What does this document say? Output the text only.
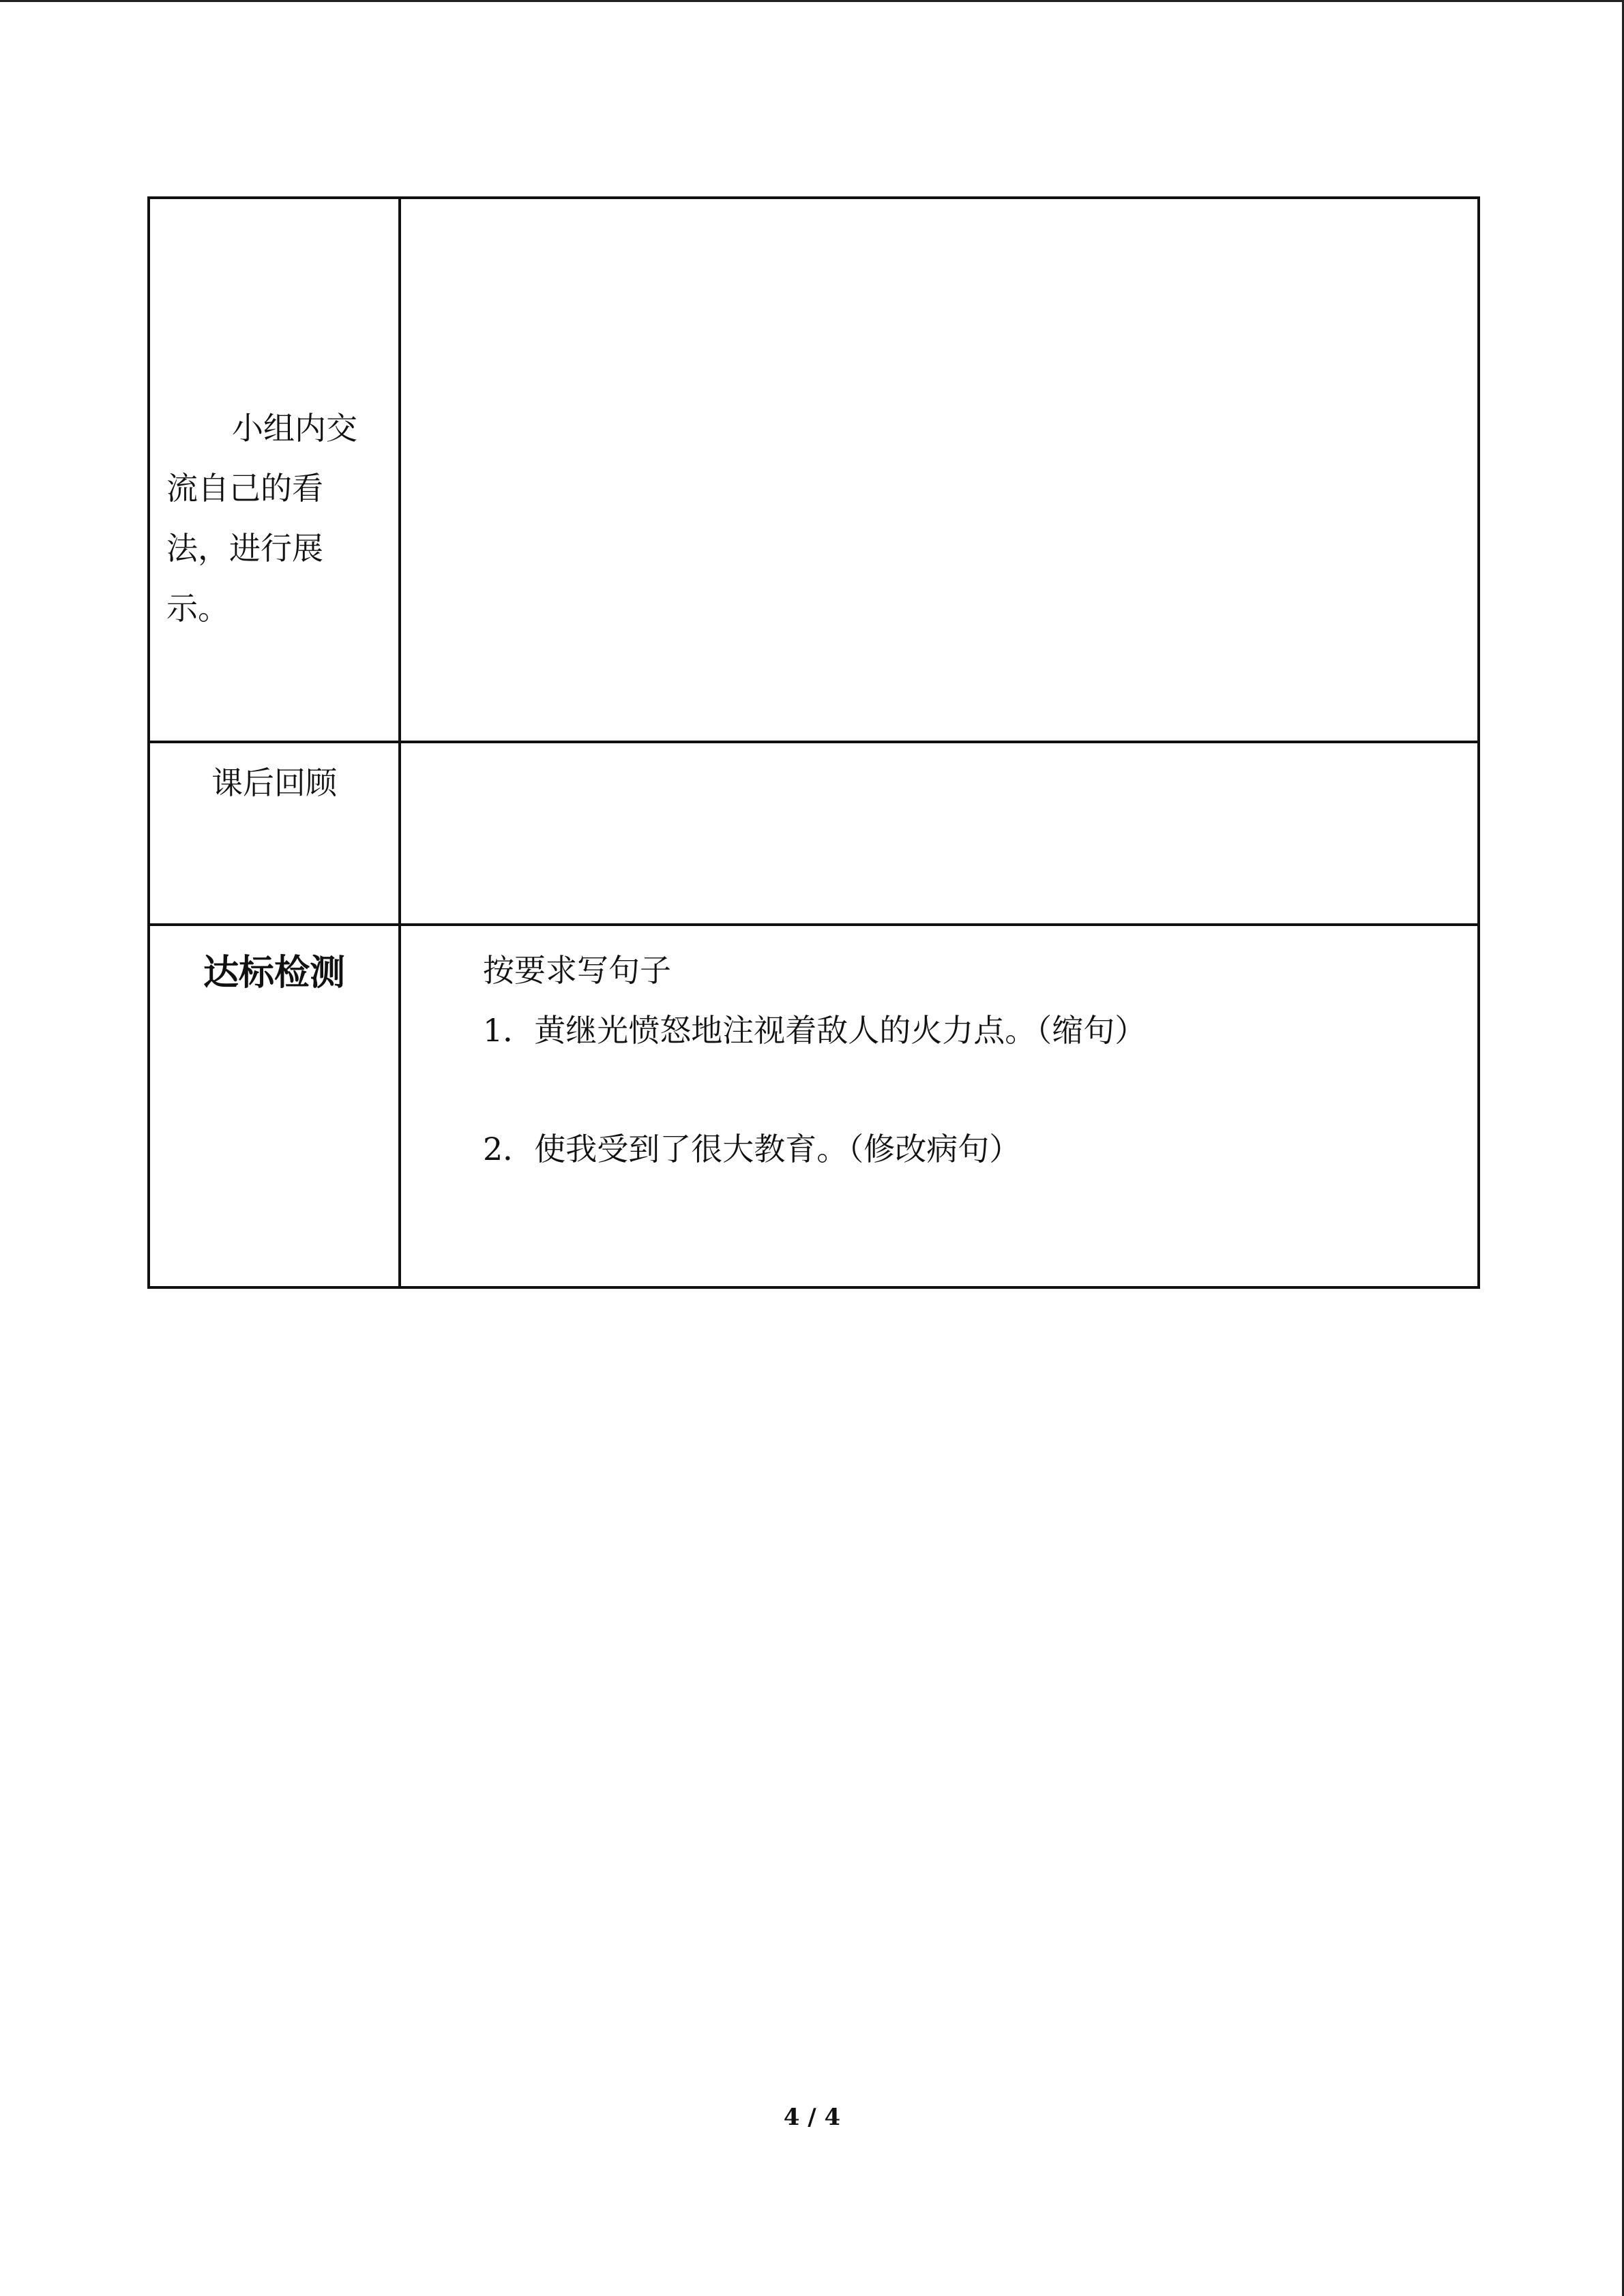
小组内交流自己的看法，进行展示。	

课后回顾	

达标检测	按要求写句子
1．黄继光愤怒地注视着敌人的火力点。（缩句）
2．使我受到了很大教育。（修改病句）
4 / 4
